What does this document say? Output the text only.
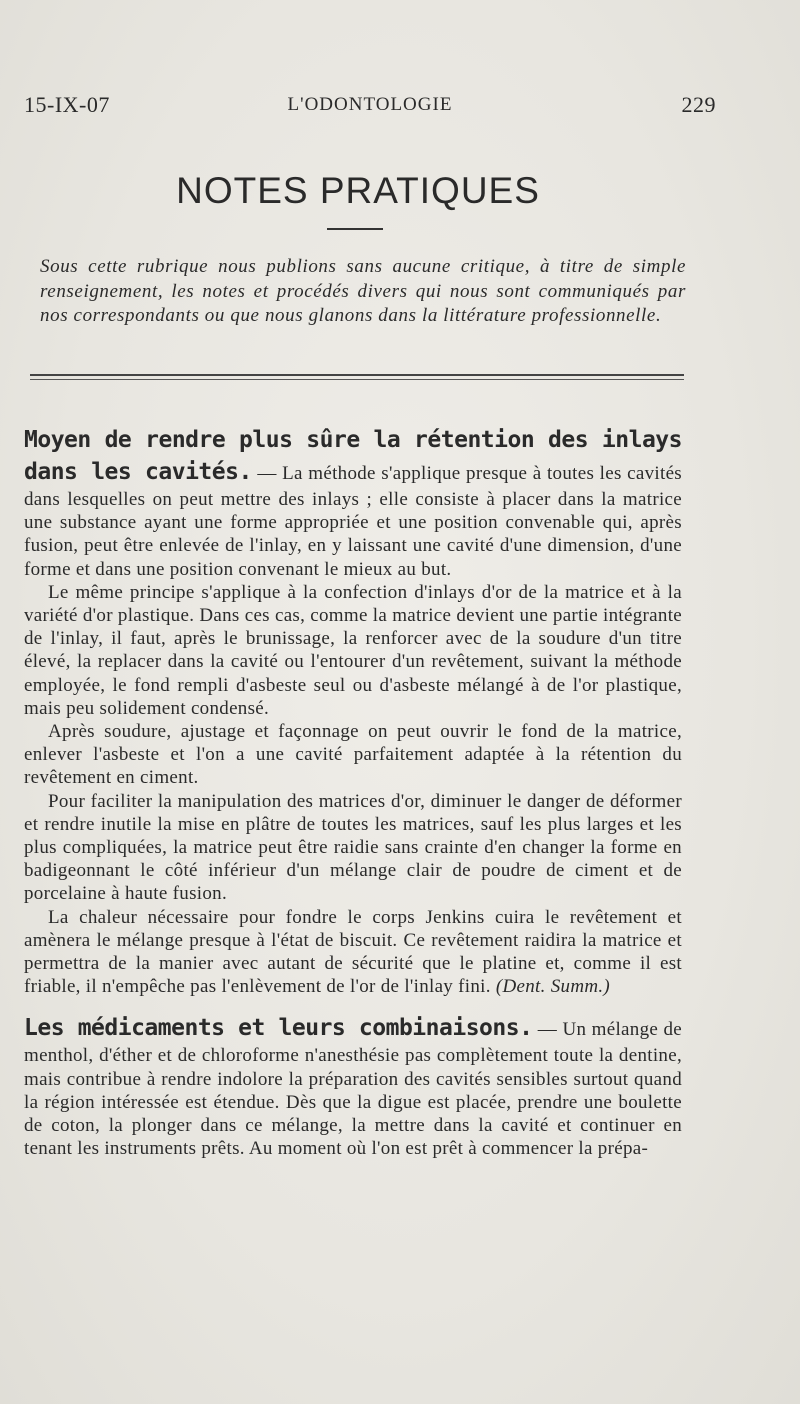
15-IX-07	L'ODONTOLOGIE	229
NOTES PRATIQUES
Sous cette rubrique nous publions sans aucune critique, à titre de simple renseignement, les notes et procédés divers qui nous sont communiqués par nos correspondants ou que nous glanons dans la littérature professionnelle.

Moyen de rendre plus sûre la rétention des inlays dans les cavités. — La méthode s'applique presque à toutes les cavités dans lesquelles on peut mettre des inlays ; elle consiste à placer dans la matrice une substance ayant une forme appropriée et une position convenable qui, après fusion, peut être enlevée de l'inlay, en y laissant une cavité d'une dimension, d'une forme et dans une position convenant le mieux au but.

Le même principe s'applique à la confection d'inlays d'or de la matrice et à la variété d'or plastique. Dans ces cas, comme la matrice devient une partie intégrante de l'inlay, il faut, après le brunissage, la renforcer avec de la soudure d'un titre élevé, la replacer dans la cavité ou l'entourer d'un revêtement, suivant la méthode employée, le fond rempli d'asbeste seul ou d'asbeste mélangé à de l'or plastique, mais peu solidement condensé.

Après soudure, ajustage et façonnage on peut ouvrir le fond de la matrice, enlever l'asbeste et l'on a une cavité parfaitement adaptée à la rétention du revêtement en ciment.

Pour faciliter la manipulation des matrices d'or, diminuer le danger de déformer et rendre inutile la mise en plâtre de toutes les matrices, sauf les plus larges et les plus compliquées, la matrice peut être raidie sans crainte d'en changer la forme en badigeonnant le côté inférieur d'un mélange clair de poudre de ciment et de porcelaine à haute fusion.

La chaleur nécessaire pour fondre le corps Jenkins cuira le revêtement et amènera le mélange presque à l'état de biscuit. Ce revêtement raidira la matrice et permettra de la manier avec autant de sécurité que le platine et, comme il est friable, il n'empêche pas l'enlèvement de l'or de l'inlay fini. (Dent. Summ.)

Les médicaments et leurs combinaisons. — Un mélange de menthol, d'éther et de chloroforme n'anesthésie pas complètement toute la dentine, mais contribue à rendre indolore la préparation des cavités sensibles surtout quand la région intéressée est étendue. Dès que la digue est placée, prendre une boulette de coton, la plonger dans ce mélange, la mettre dans la cavité et continuer en tenant les instruments prêts. Au moment où l'on est prêt à commencer la prépa-
